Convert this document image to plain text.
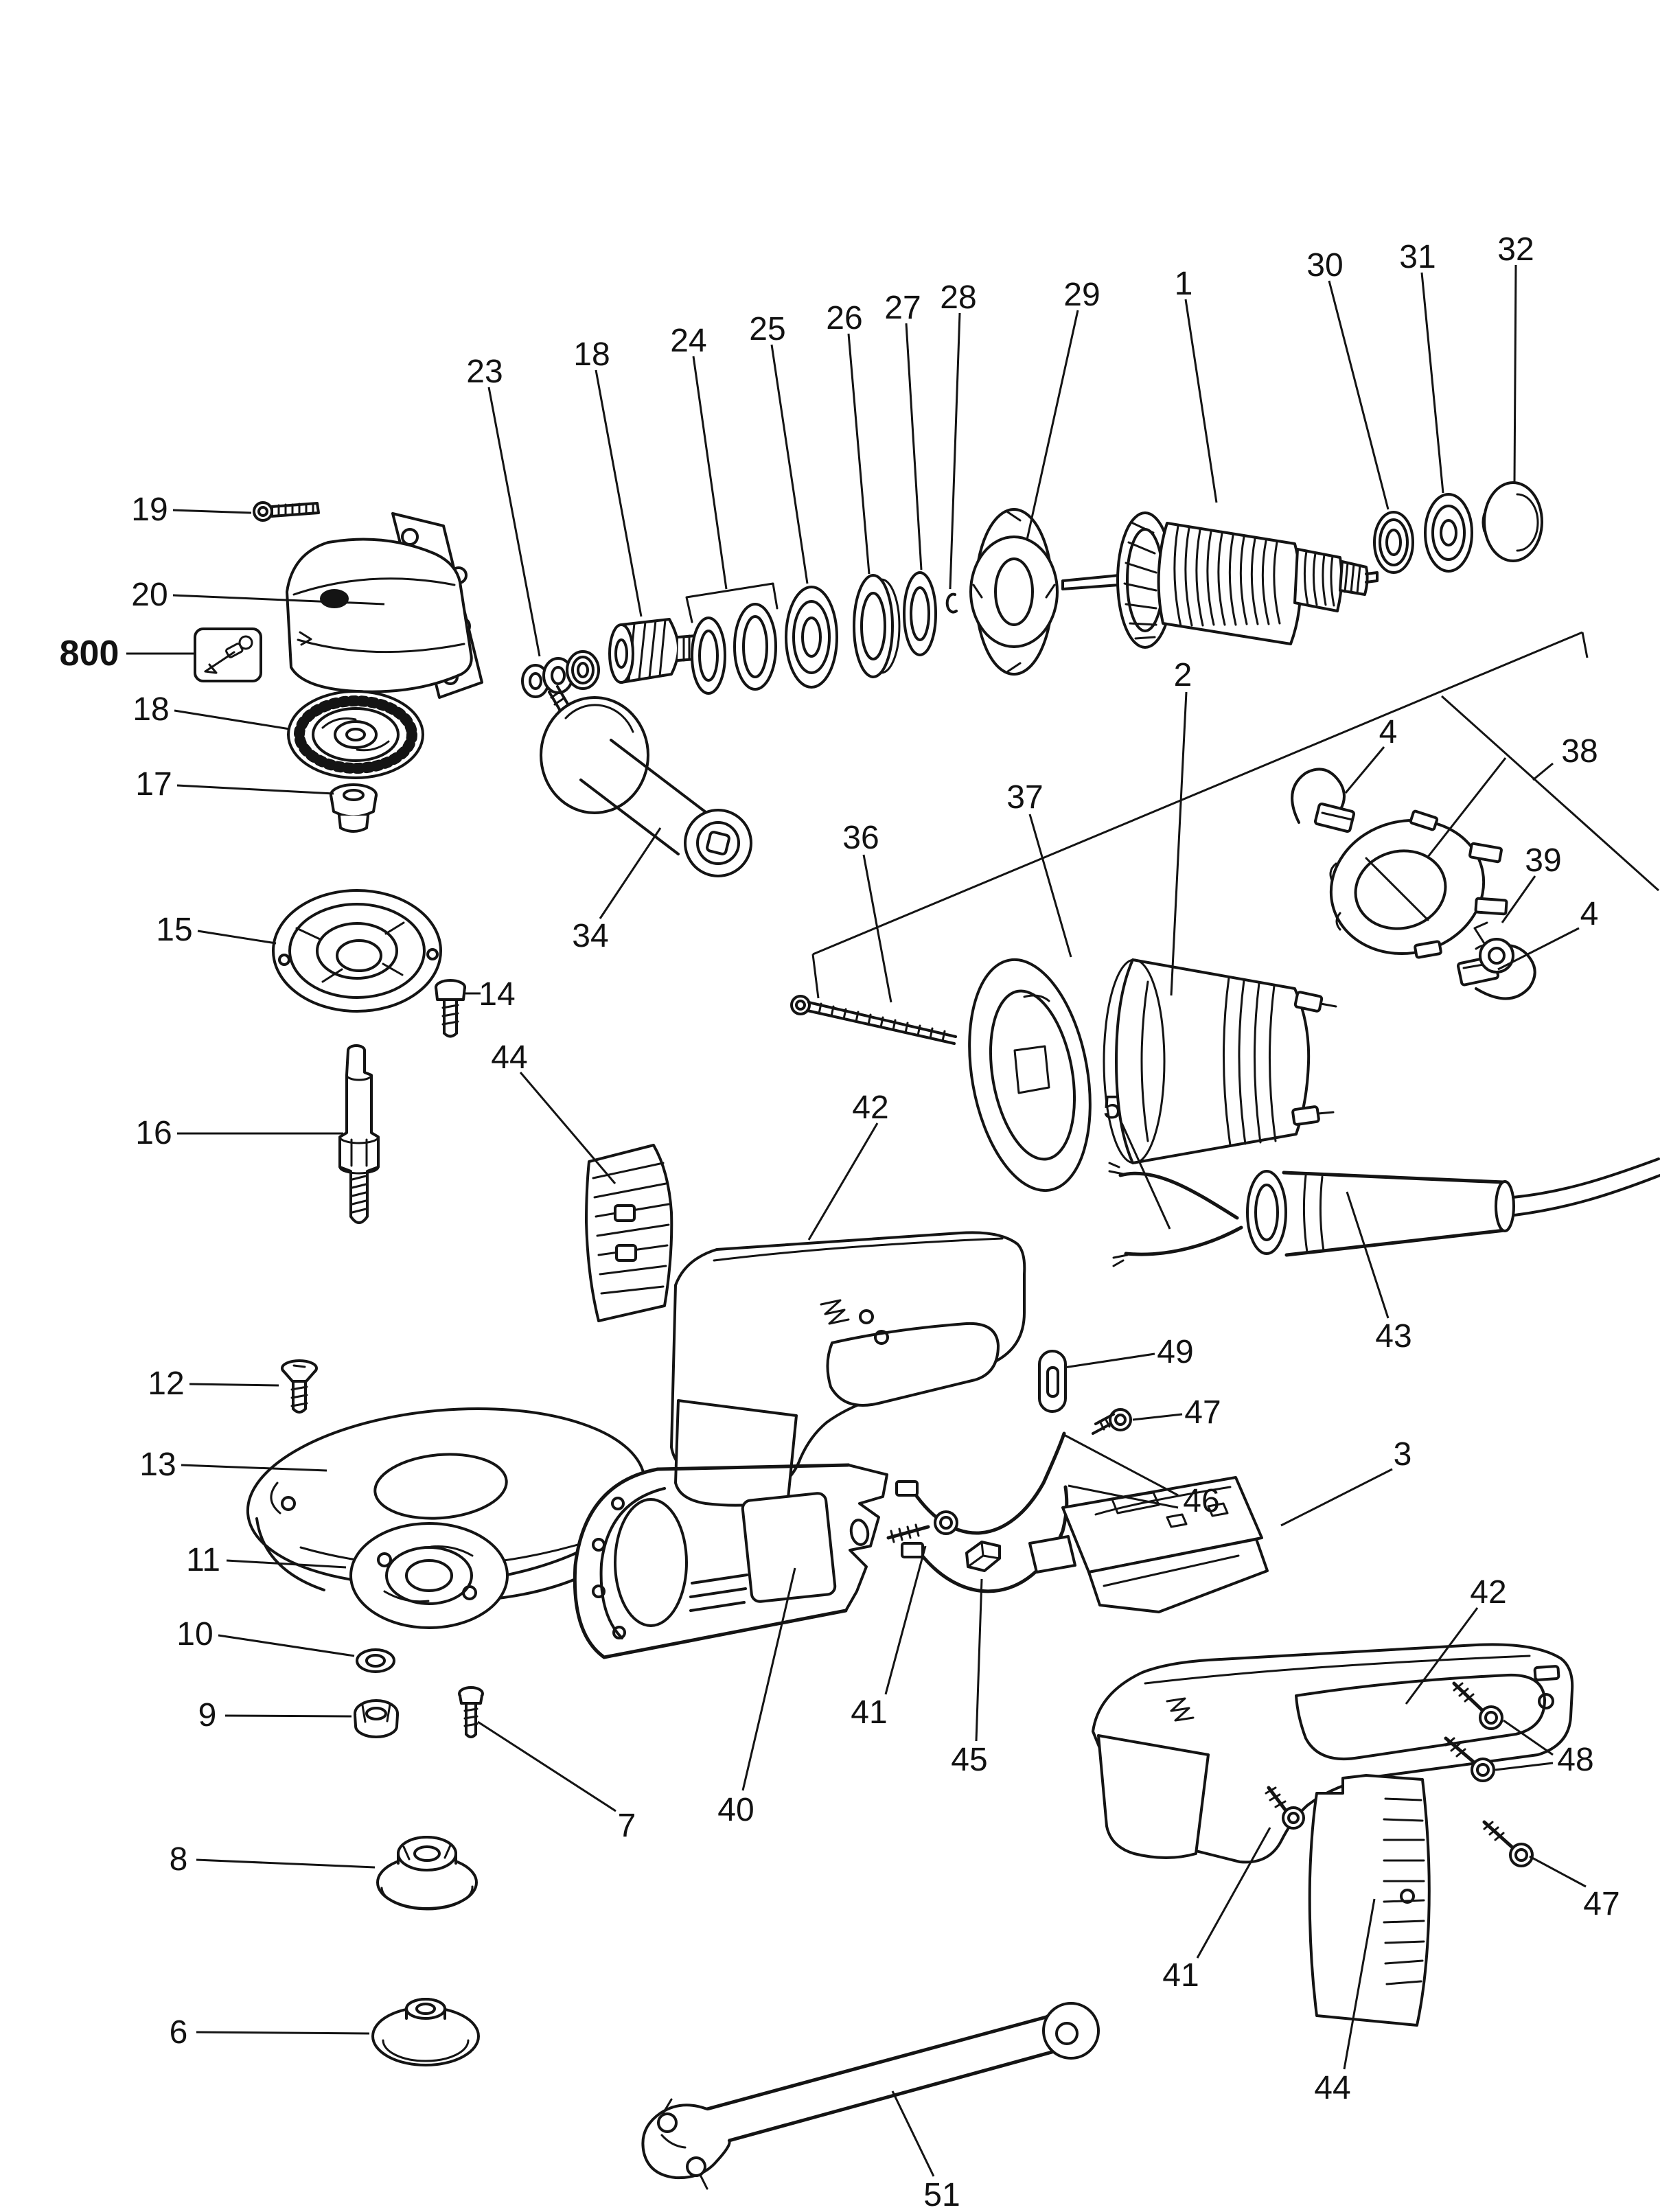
19
20
800
18
17
15
14
16
12
13
11
10
9
7
8
6
23 18 24 25 26 27 28	29 1
30 31 32
2
36
37
4
38
39
4
34
44
42	5
43
49
47
46
3
40
41
45
42
48
41
44
47
51
